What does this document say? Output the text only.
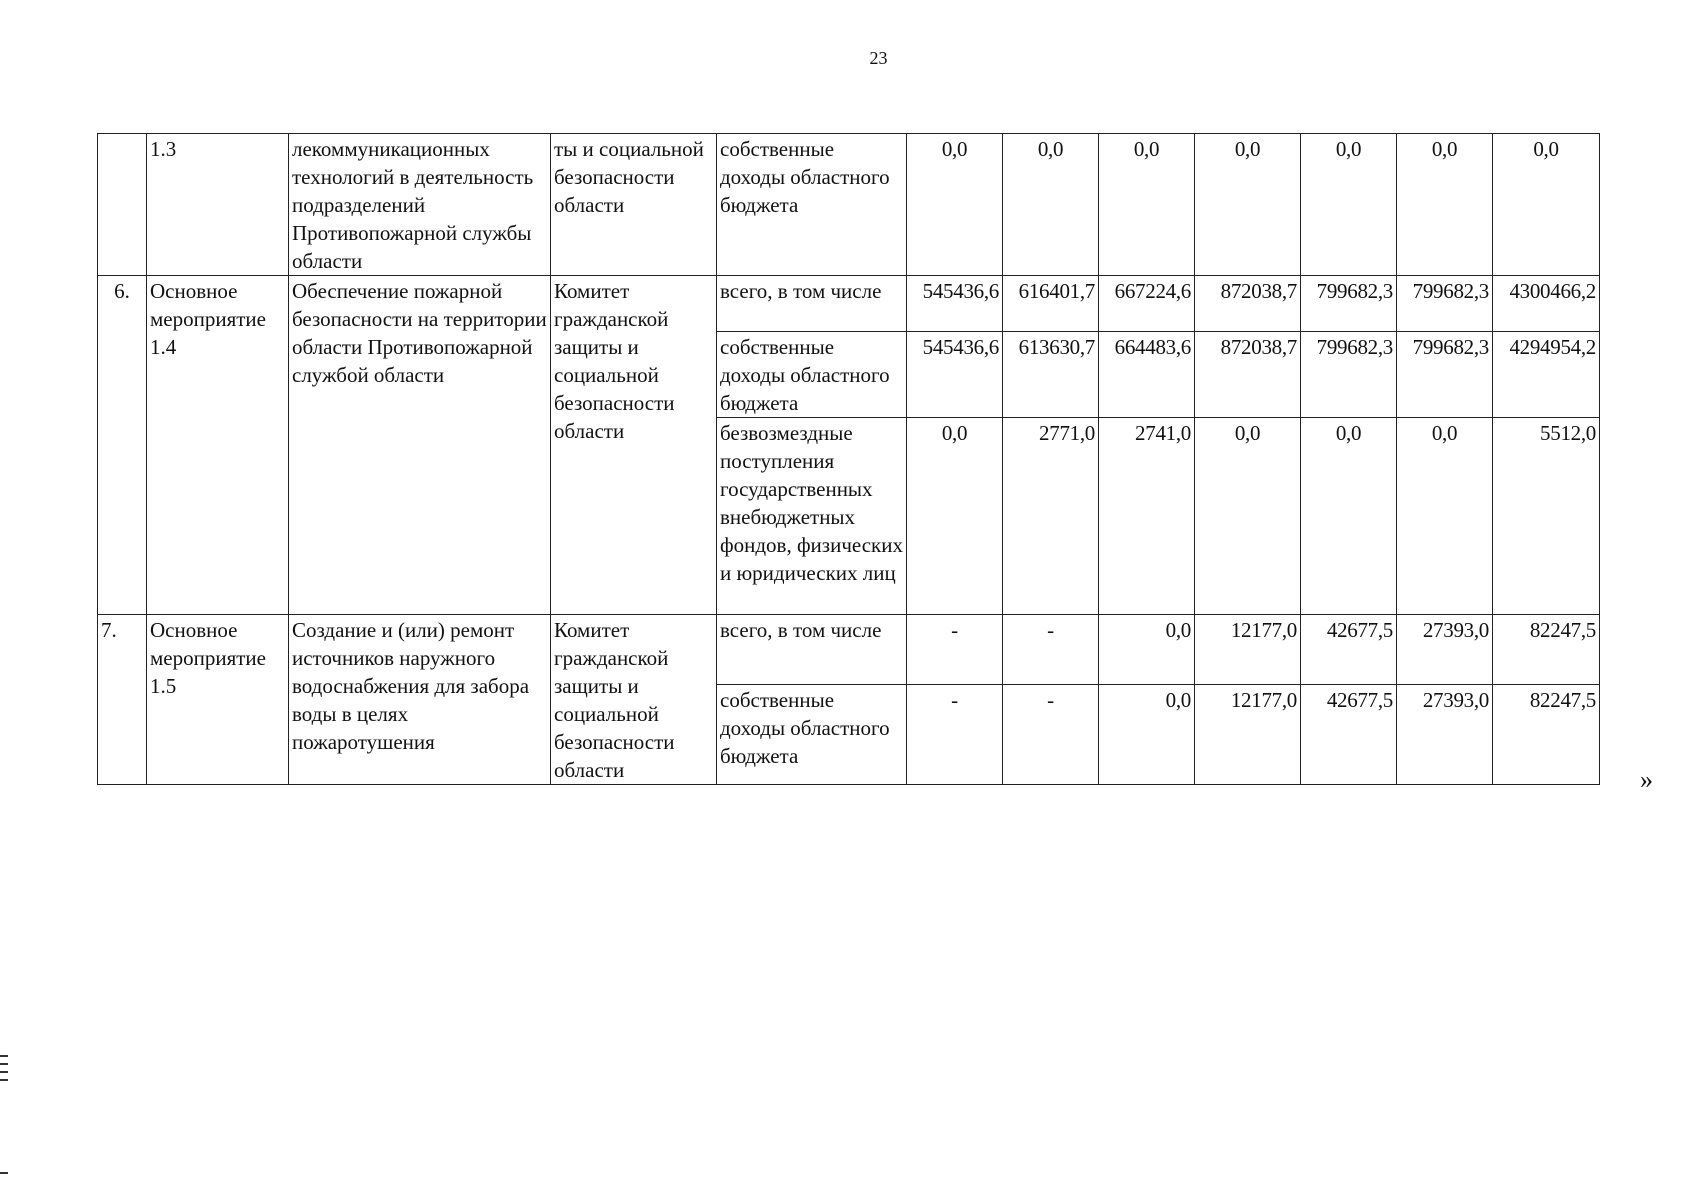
23
	1.3	лекоммуникационных технологий в деятельность подразделений Противопожарной службы области	ты и социальной безопасности области	собственные доходы областного бюджета	0,0	0,0	0,0	0,0	0,0	0,0	0,0
6.	Основное мероприятие 1.4	Обеспечение пожарной безопасности на территории области Противопожарной службой области	Комитет гражданской защиты и социальной безопасности области	всего, в том числе	545436,6	616401,7	667224,6	872038,7	799682,3	799682,3	4300466,2
				собственные доходы областного бюджета	545436,6	613630,7	664483,6	872038,7	799682,3	799682,3	4294954,2
				безвозмездные поступления государственных внебюджетных фондов, физических и юридических лиц	0,0	2771,0	2741,0	0,0	0,0	0,0	5512,0
7.	Основное мероприятие 1.5	Создание и (или) ремонт источников наружного водоснабжения для забора воды в целях пожаротушения	Комитет гражданской защиты и социальной безопасности области	всего, в том числе	-	-	0,0	12177,0	42677,5	27393,0	82247,5
				собственные доходы областного бюджета	-	-	0,0	12177,0	42677,5	27393,0	82247,5
»
